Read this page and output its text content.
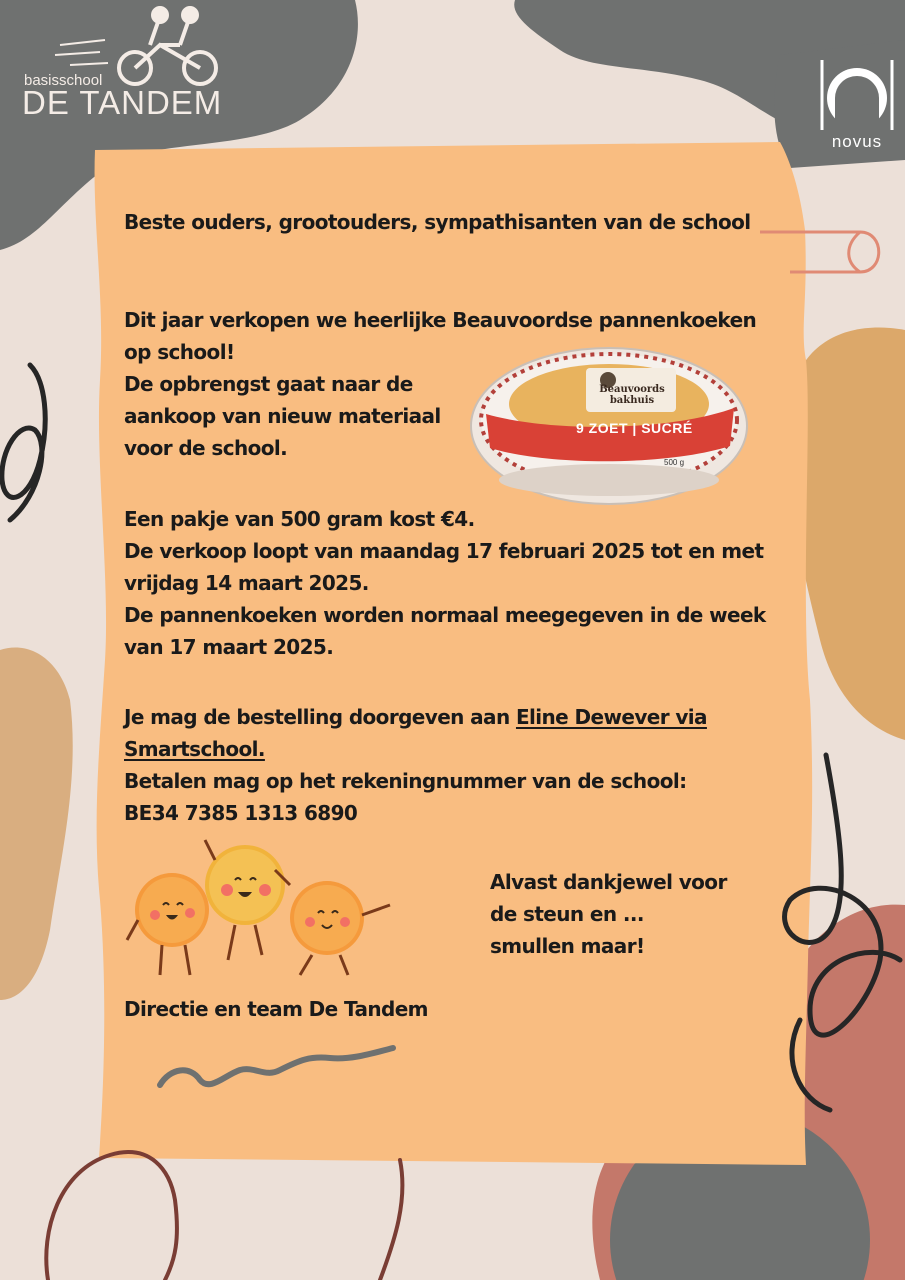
basisschool
DE TANDEM
novus
Beauvoords bakhuis
9 ZOET | SUCRÉ
500 g
Beste ouders, grootouders, sympathisanten van de school
Dit jaar verkopen we heerlijke Beauvoordse pannenkoeken
op school!
De opbrengst gaat naar de
aankoop van nieuw materiaal
voor de school.
Een pakje van 500 gram kost €4.
De verkoop loopt van maandag 17 februari 2025 tot en met
vrijdag 14 maart 2025.
De pannenkoeken worden normaal meegegeven in de week
van 17 maart 2025.
Je mag de bestelling doorgeven aan Eline Dewever via
Smartschool.
Betalen mag op het rekeningnummer van de school:
BE34 7385 1313 6890
Alvast dankjewel voor
de steun en ...
smullen maar!
Directie en team De Tandem
